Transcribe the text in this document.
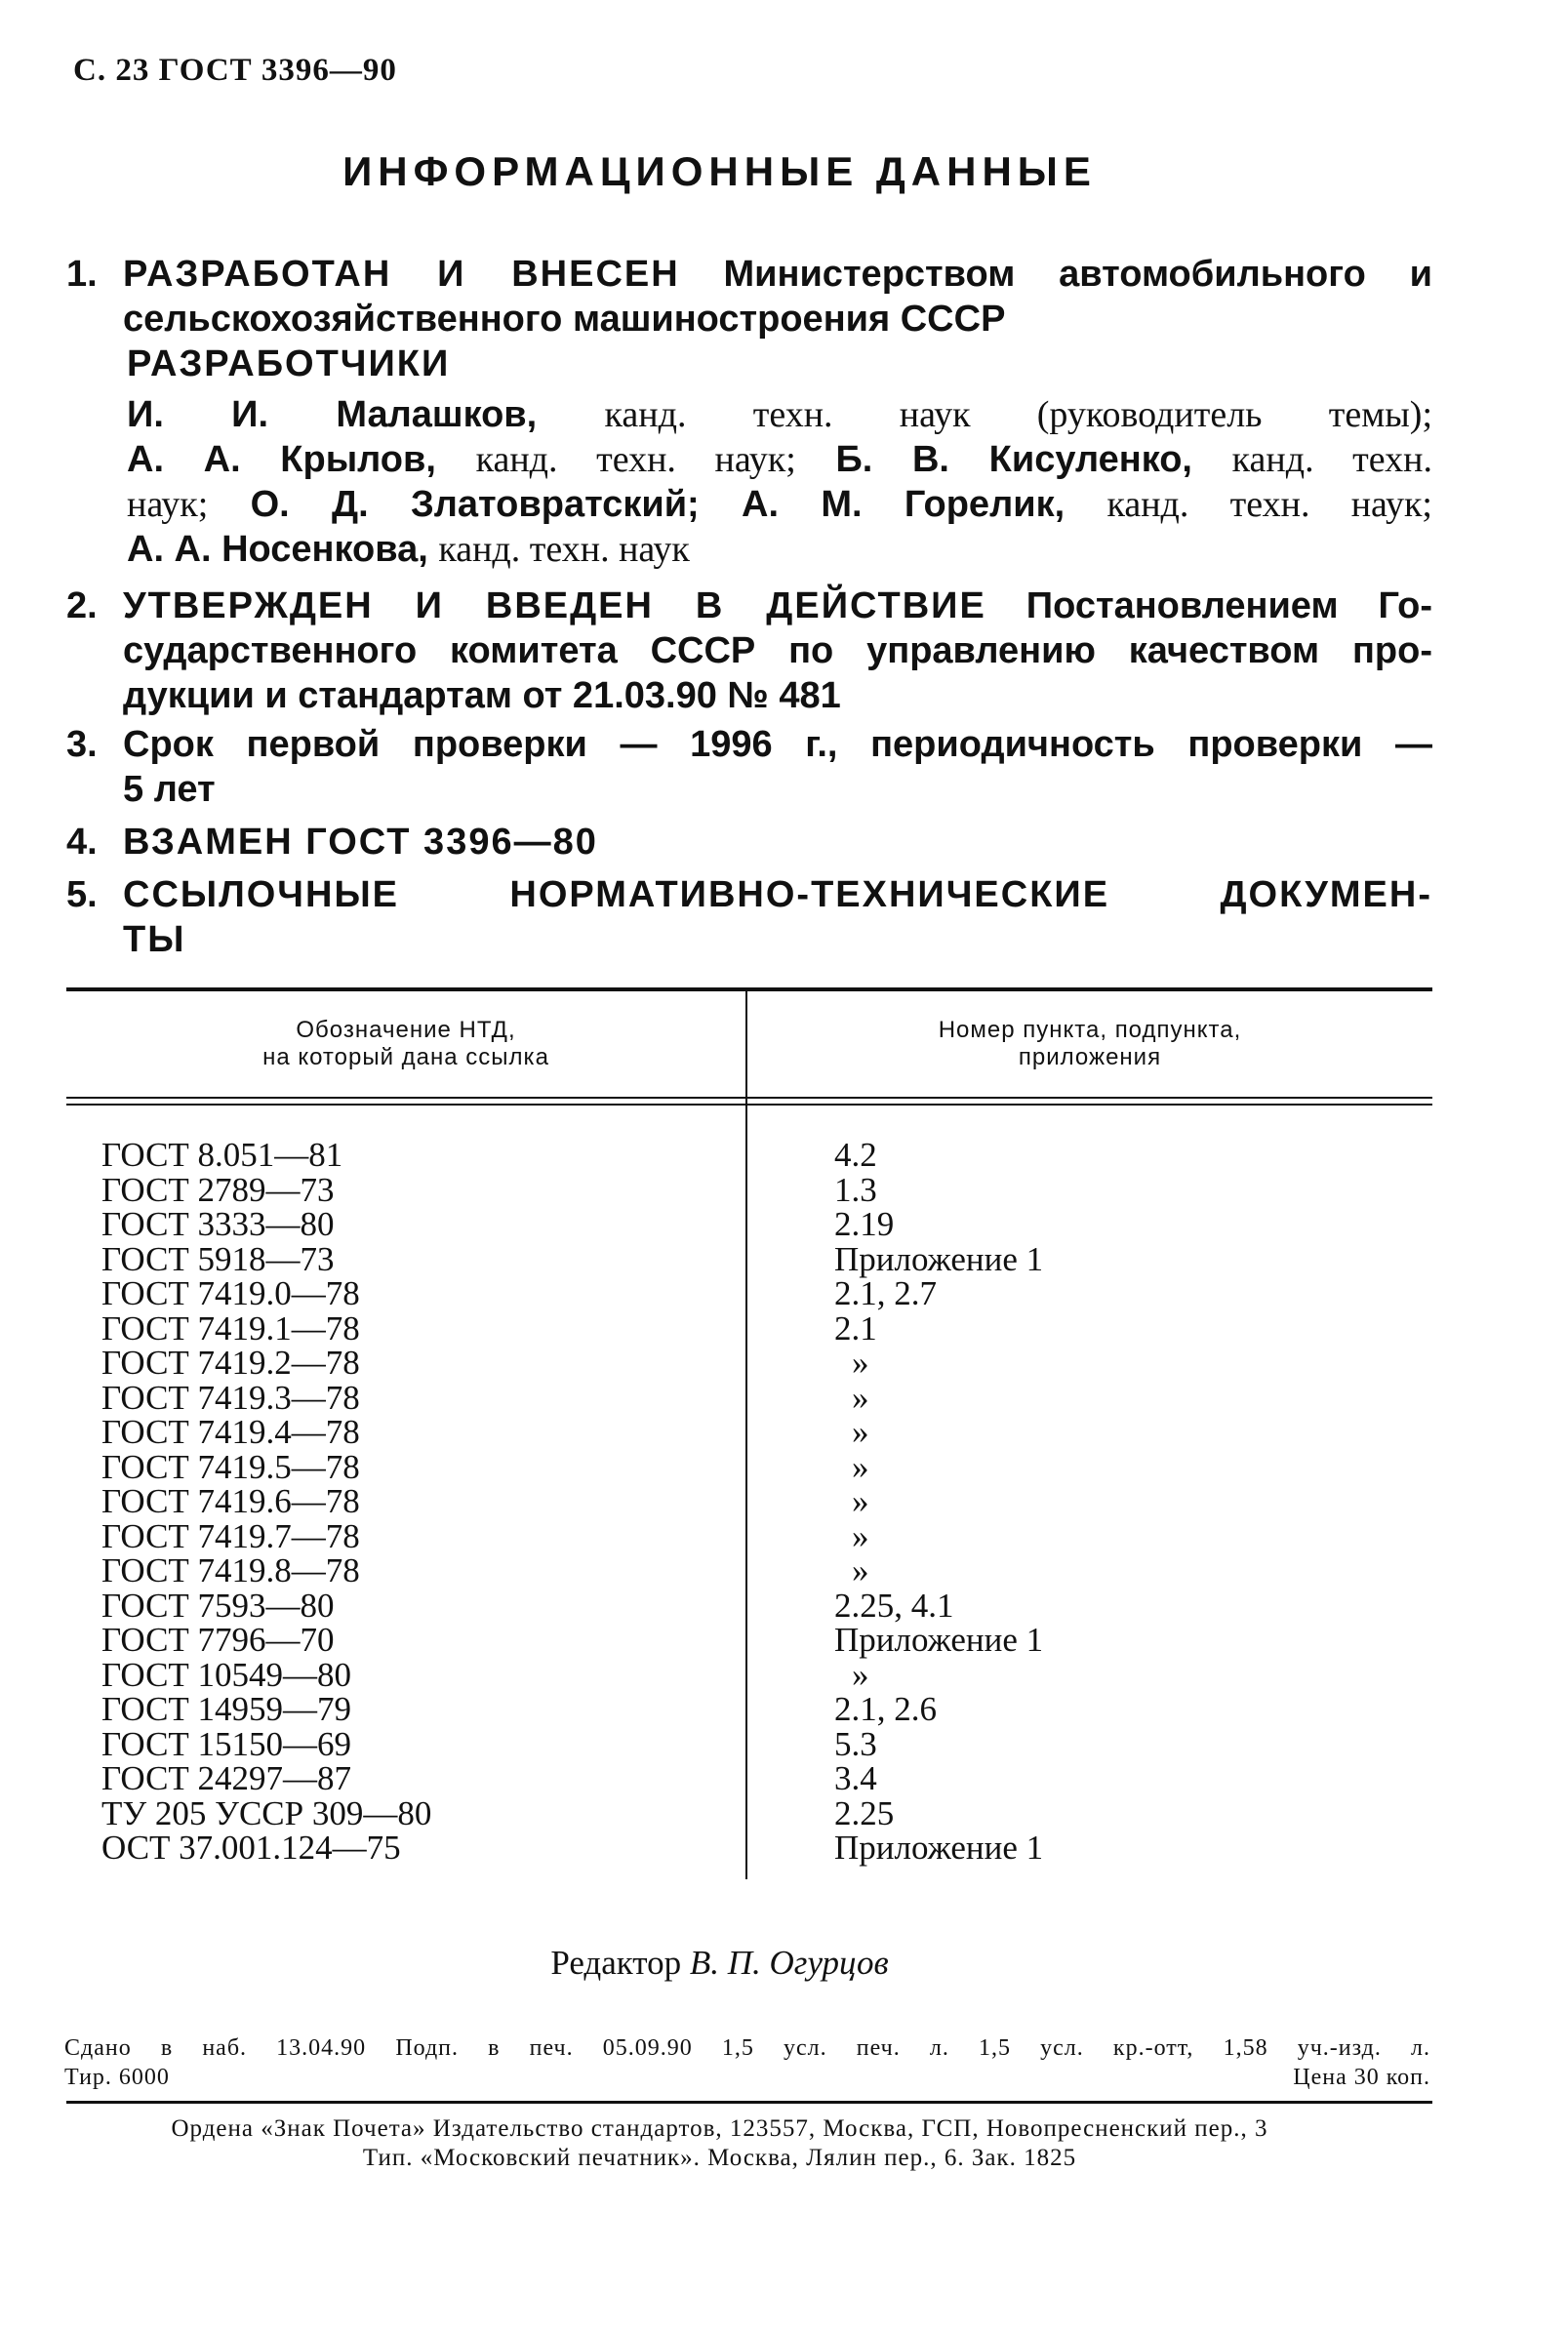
С. 23 ГОСТ 3396—90
ИНФОРМАЦИОННЫЕ ДАННЫЕ
1. РАЗРАБОТАН И ВНЕСЕН Министерством автомобильного и
сельскохозяйственного машиностроения СССР
РАЗРАБОТЧИКИ
И. И. Малашков, канд. техн. наук (руководитель темы);
А. А. Крылов, канд. техн. наук; Б. В. Кисуленко, канд. техн.
наук; О. Д. Златовратский; А. М. Горелик, канд. техн. наук;
А. А. Носенкова, канд. техн. наук
2. УТВЕРЖДЕН И ВВЕДЕН В ДЕЙСТВИЕ Постановлением Го-
сударственного комитета СССР по управлению качеством про-
дукции и стандартам от 21.03.90 № 481
3. Срок первой проверки — 1996 г., периодичность проверки —
5 лет
4. ВЗАМЕН ГОСТ 3396—80
5. ССЫЛОЧНЫЕ НОРМАТИВНО-ТЕХНИЧЕСКИЕ ДОКУМЕН-
ТЫ
Обозначение НТД,
на который дана ссылка
Номер пункта, подпункта,
приложения
ГОСТ 8.051—81
ГОСТ 2789—73
ГОСТ 3333—80
ГОСТ 5918—73
ГОСТ 7419.0—78
ГОСТ 7419.1—78
ГОСТ 7419.2—78
ГОСТ 7419.3—78
ГОСТ 7419.4—78
ГОСТ 7419.5—78
ГОСТ 7419.6—78
ГОСТ 7419.7—78
ГОСТ 7419.8—78
ГОСТ 7593—80
ГОСТ 7796—70
ГОСТ 10549—80
ГОСТ 14959—79
ГОСТ 15150—69
ГОСТ 24297—87
ТУ 205 УССР 309—80
ОСТ 37.001.124—75
4.2
1.3
2.19
Приложение 1
2.1, 2.7
2.1
»
»
»
»
»
»
»
2.25, 4.1
Приложение 1
»
2.1, 2.6
5.3
3.4
2.25
Приложение 1
Редактор В. П. Огурцов
Сдано в наб. 13.04.90 Подп. в печ. 05.09.90 1,5 усл. печ. л. 1,5 усл. кр.-отт, 1,58 уч.-изд. л.
Тир. 6000	Цена 30 коп.
Ордена «Знак Почета» Издательство стандартов, 123557, Москва, ГСП, Новопресненский пер., 3
Тип. «Московский печатник». Москва, Лялин пер., 6. Зак. 1825
